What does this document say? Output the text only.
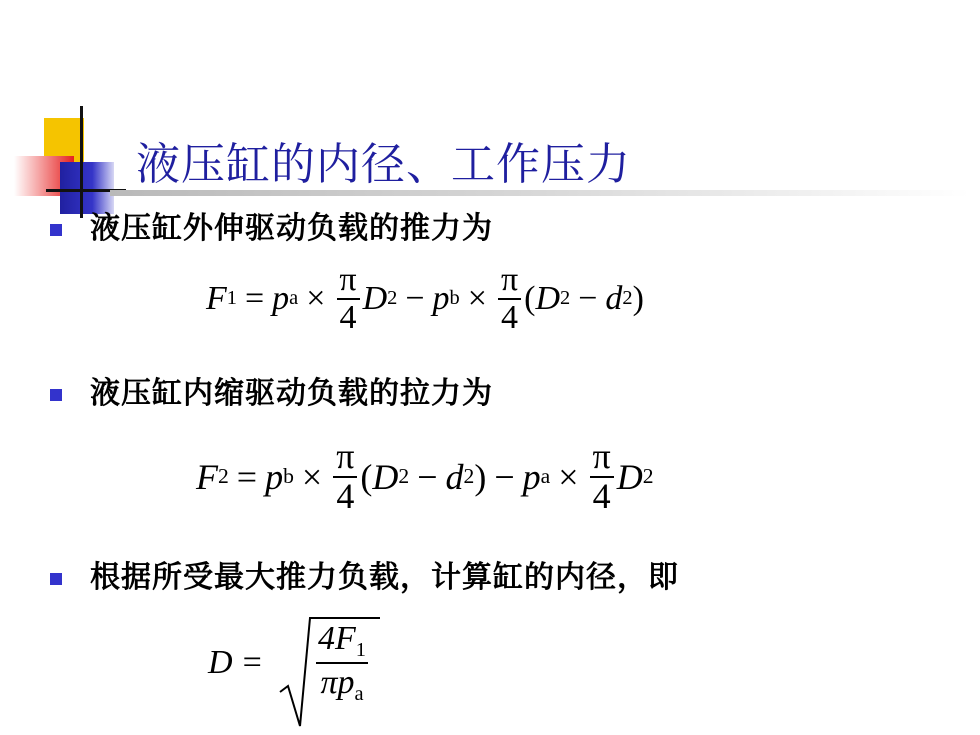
液压缸的内径、工作压力
液压缸外伸驱动负载的推力为
F 1 = p $a \times \frac{\pi}{4}$ D 2 − p $b \times \frac{\pi}{4}$ ( D 2 − d 2 )
液压缸内缩驱动负载的拉力为
F 2 = p $b \times \frac{\pi}{4}$ ( D 2 − d 2 ) − p $a \times \frac{\pi}{4}$ D 2
根据所受最大推力负载，计算缸的内径，即
D =
$4F_1$
$\pi p_a$
